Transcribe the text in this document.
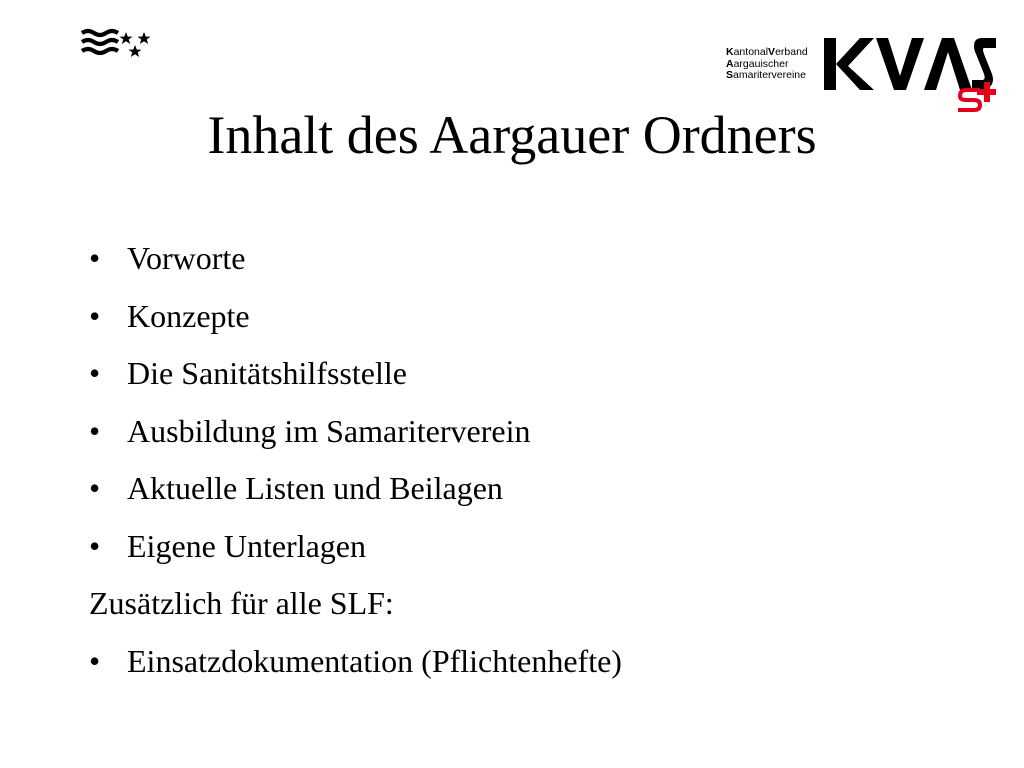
KantonalVerband
Aargauischer
Samaritervereine
Inhalt des Aargauer Ordners
• Vorworte
• Konzepte
• Die Sanitätshilfsstelle
• Ausbildung im Samariterverein
• Aktuelle Listen und Beilagen
• Eigene Unterlagen
Zusätzlich für alle SLF:
• Einsatzdokumentation (Pflichtenhefte)
